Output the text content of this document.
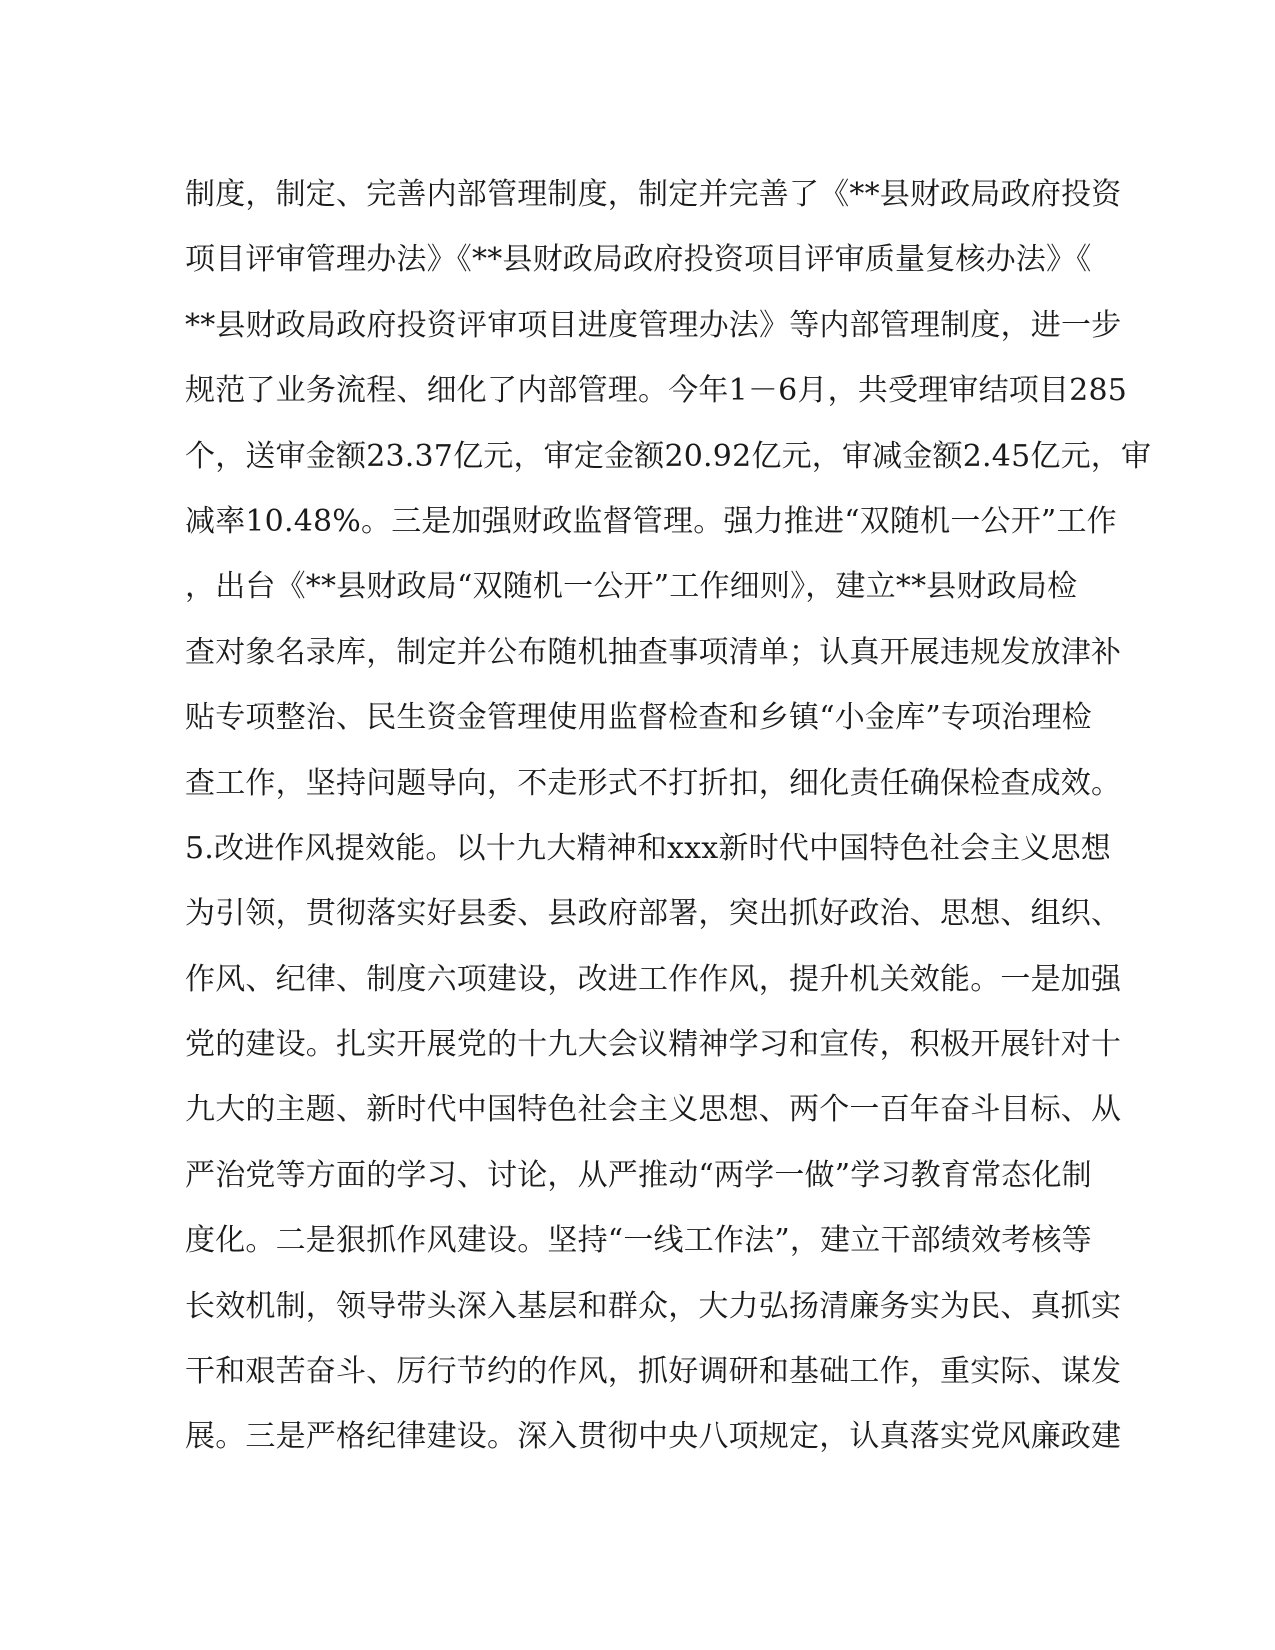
制度，制定、完善内部管理制度，制定并完善了《**县财政局政府投资
项目评审管理办法》《**县财政局政府投资项目评审质量复核办法》《
**县财政局政府投资评审项目进度管理办法》等内部管理制度，进一步
规范了业务流程、细化了内部管理。今年1－6月，共受理审结项目285
个，送审金额23.37亿元，审定金额20.92亿元，审减金额2.45亿元，审
减率10.48%。三是加强财政监督管理。强力推进“双随机一公开”工作
，出台《**县财政局“双随机一公开”工作细则》，建立**县财政局检
查对象名录库，制定并公布随机抽查事项清单；认真开展违规发放津补
贴专项整治、民生资金管理使用监督检查和乡镇“小金库”专项治理检
查工作，坚持问题导向，不走形式不打折扣，细化责任确保检查成效。
5.改进作风提效能。以十九大精神和xxx新时代中国特色社会主义思想
为引领，贯彻落实好县委、县政府部署，突出抓好政治、思想、组织、
作风、纪律、制度六项建设，改进工作作风，提升机关效能。一是加强
党的建设。扎实开展党的十九大会议精神学习和宣传，积极开展针对十
九大的主题、新时代中国特色社会主义思想、两个一百年奋斗目标、从
严治党等方面的学习、讨论，从严推动“两学一做”学习教育常态化制
度化。二是狠抓作风建设。坚持“一线工作法”，建立干部绩效考核等
长效机制，领导带头深入基层和群众，大力弘扬清廉务实为民、真抓实
干和艰苦奋斗、厉行节约的作风，抓好调研和基础工作，重实际、谋发
展。三是严格纪律建设。深入贯彻中央八项规定，认真落实党风廉政建
